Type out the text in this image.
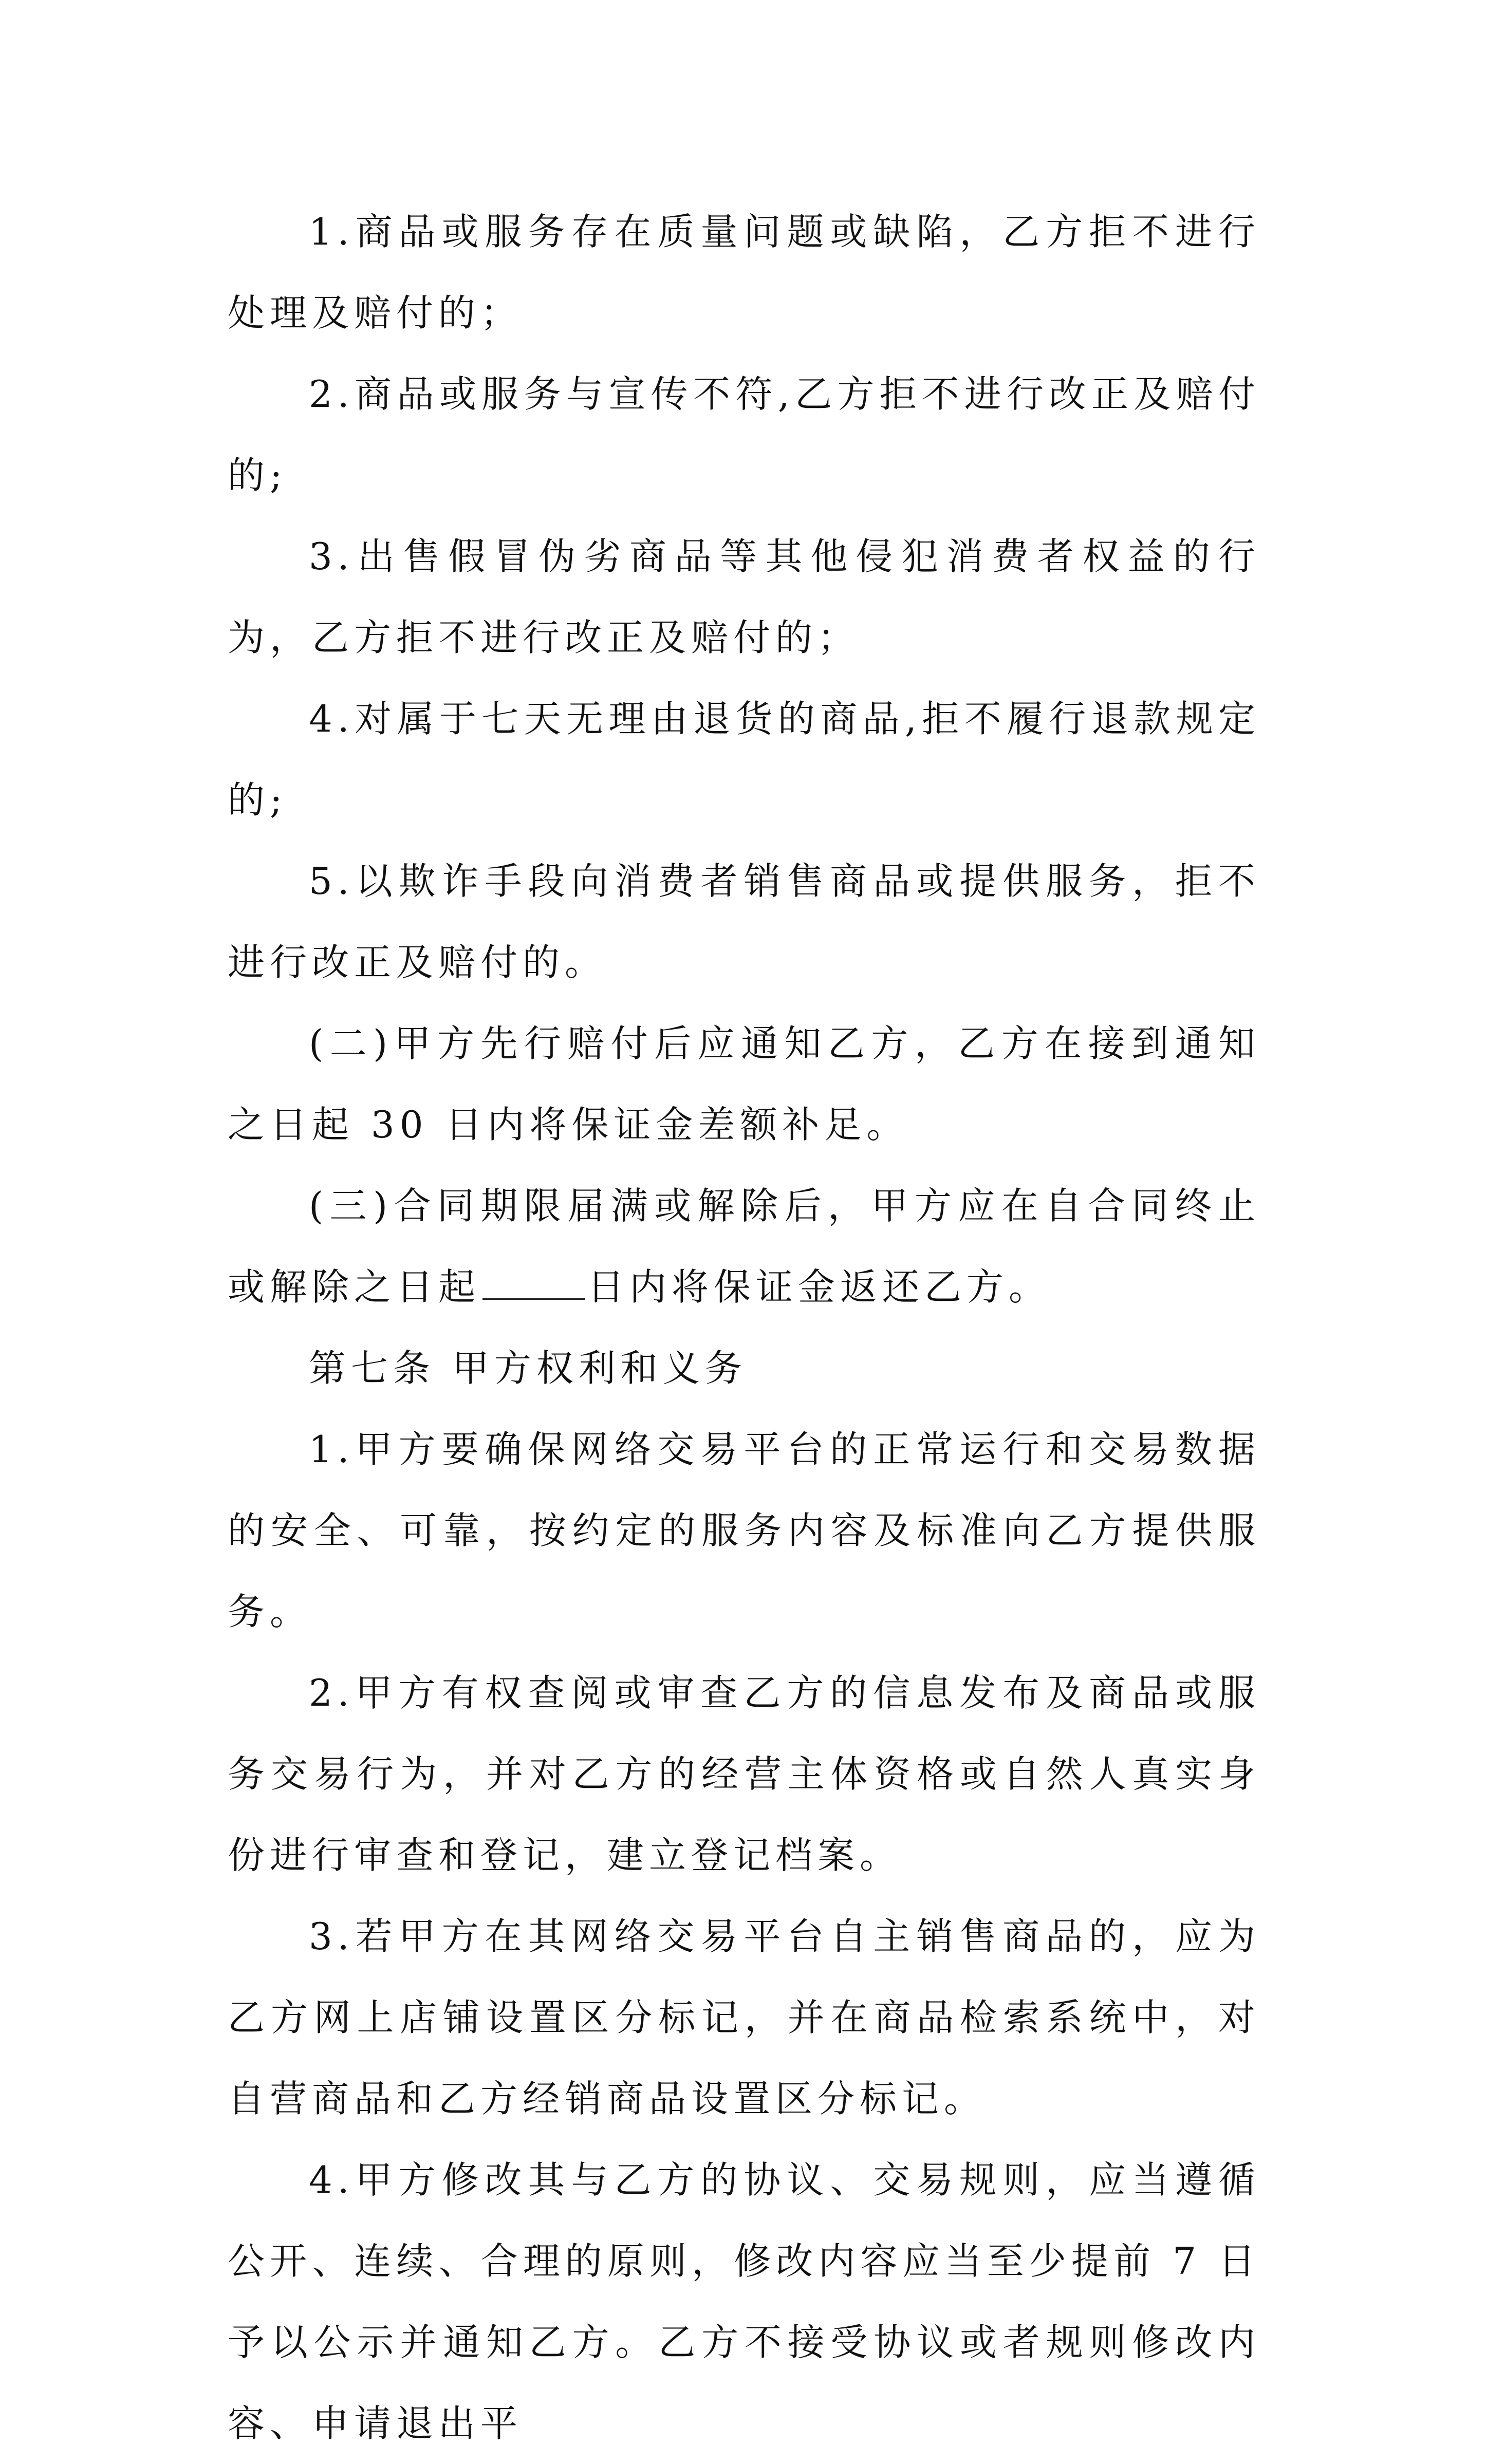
1.商品或服务存在质量问题或缺陷，乙方拒不进行处理及赔付的；

2.商品或服务与宣传不符,乙方拒不进行改正及赔付的;

3.出售假冒伪劣商品等其他侵犯消费者权益的行为，乙方拒不进行改正及赔付的；

4.对属于七天无理由退货的商品,拒不履行退款规定的;

5.以欺诈手段向消费者销售商品或提供服务，拒不进行改正及赔付的。

(二)甲方先行赔付后应通知乙方，乙方在接到通知之日起 30 日内将保证金差额补足。

(三)合同期限届满或解除后，甲方应在自合同终止或解除之日起	日内将保证金返还乙方。

第七条 甲方权利和义务

1.甲方要确保网络交易平台的正常运行和交易数据的安全、可靠，按约定的服务内容及标准向乙方提供服务。

2.甲方有权查阅或审查乙方的信息发布及商品或服务交易行为，并对乙方的经营主体资格或自然人真实身份进行审查和登记，建立登记档案。

3.若甲方在其网络交易平台自主销售商品的，应为乙方网上店铺设置区分标记，并在商品检索系统中，对自营商品和乙方经销商品设置区分标记。

4.甲方修改其与乙方的协议、交易规则，应当遵循公开、连续、合理的原则，修改内容应当至少提前 7 日予以公示并通知乙方。乙方不接受协议或者规则修改内容、申请退出平
